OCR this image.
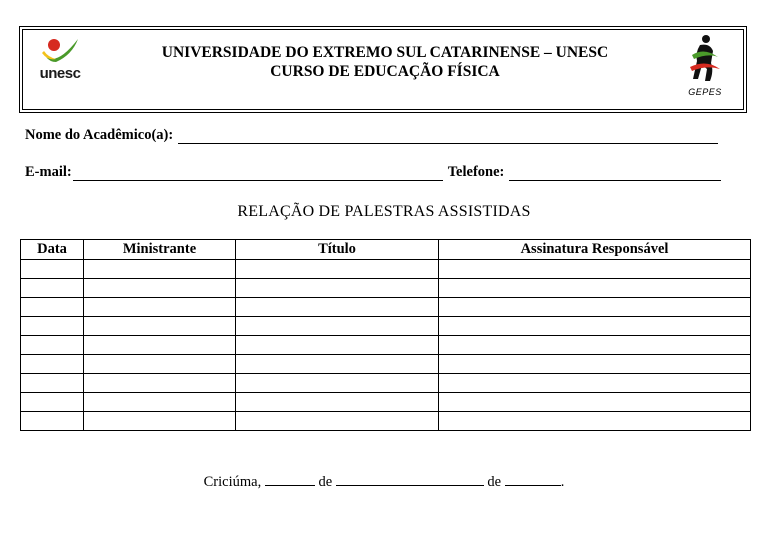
unesc
UNIVERSIDADE DO EXTREMO SUL CATARINENSE – UNESC
CURSO DE EDUCAÇÃO FÍSICA
GEPES
Nome do Acadêmico(a):
E-mail:	Telefone:
RELAÇÃO DE PALESTRAS ASSISTIDAS
Data	Ministrante	Título	Assinatura Responsável

Criciúma,	de	de	.
